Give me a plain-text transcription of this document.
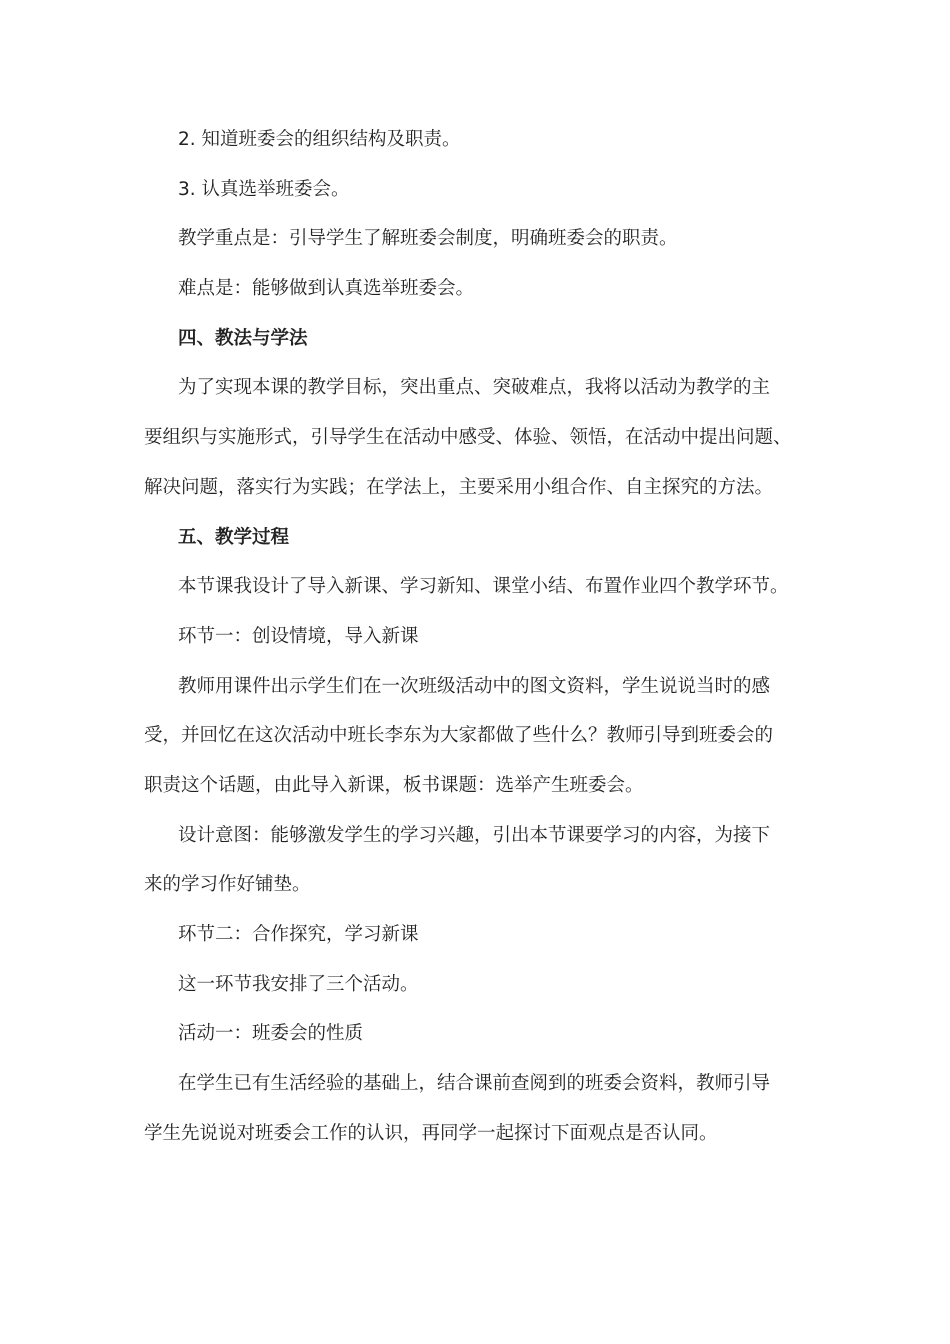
2. 知道班委会的组织结构及职责。
3. 认真选举班委会。
教学重点是：引导学生了解班委会制度，明确班委会的职责。
难点是：能够做到认真选举班委会。
四、教法与学法
为了实现本课的教学目标，突出重点、突破难点，我将以活动为教学的主
要组织与实施形式，引导学生在活动中感受、体验、领悟，在活动中提出问题、
解决问题，落实行为实践；在学法上，主要采用小组合作、自主探究的方法。
五、教学过程
本节课我设计了导入新课、学习新知、课堂小结、布置作业四个教学环节。
环节一：创设情境，导入新课
教师用课件出示学生们在一次班级活动中的图文资料，学生说说当时的感
受，并回忆在这次活动中班长李东为大家都做了些什么？教师引导到班委会的
职责这个话题，由此导入新课，板书课题：选举产生班委会。
设计意图：能够激发学生的学习兴趣，引出本节课要学习的内容，为接下
来的学习作好铺垫。
环节二：合作探究，学习新课
这一环节我安排了三个活动。
活动一：班委会的性质
在学生已有生活经验的基础上，结合课前查阅到的班委会资料，教师引导
学生先说说对班委会工作的认识，再同学一起探讨下面观点是否认同。
